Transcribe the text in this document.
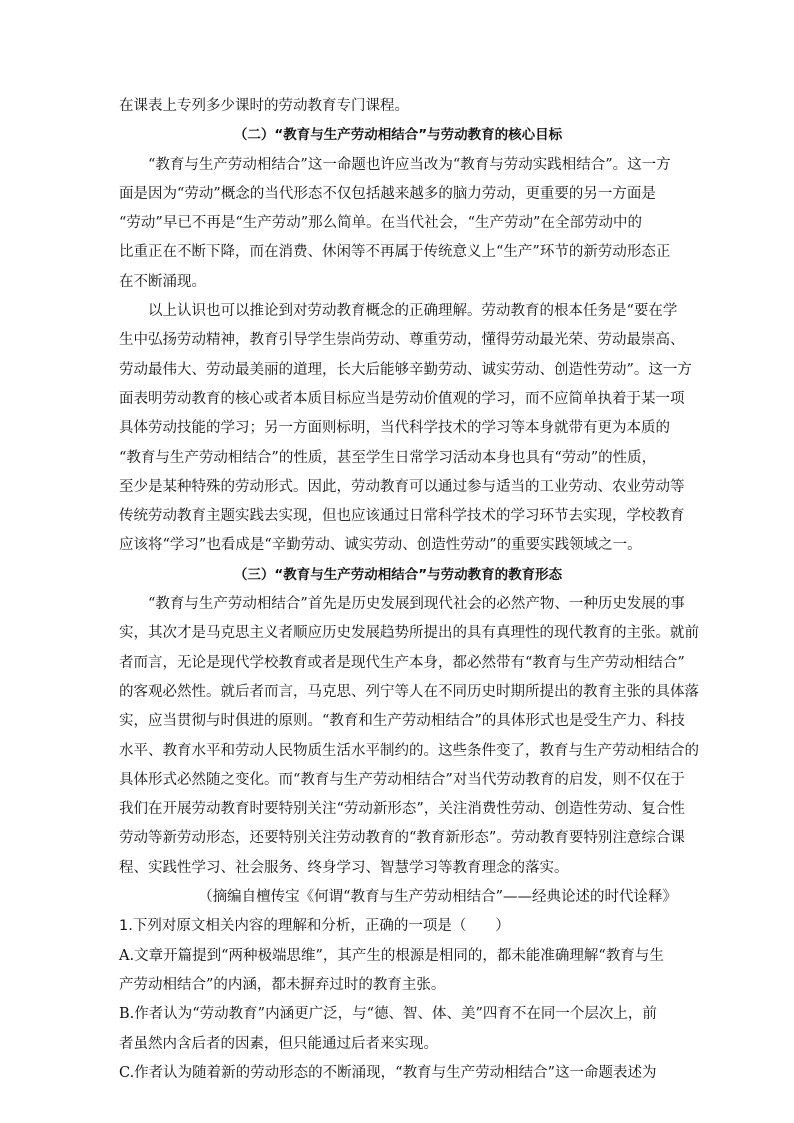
在课表上专列多少课时的劳动教育专门课程。
（二）“教育与生产劳动相结合”与劳动教育的核心目标
“教育与生产劳动相结合”这一命题也许应当改为“教育与劳动实践相结合”。这一方
面是因为“劳动”概念的当代形态不仅包括越来越多的脑力劳动，更重要的另一方面是
“劳动”早已不再是“生产劳动”那么简单。在当代社会，“生产劳动”在全部劳动中的
比重正在不断下降，而在消费、休闲等不再属于传统意义上“生产”环节的新劳动形态正
在不断涌现。
以上认识也可以推论到对劳动教育概念的正确理解。劳动教育的根本任务是“要在学
生中弘扬劳动精神，教育引导学生崇尚劳动、尊重劳动，懂得劳动最光荣、劳动最崇高、
劳动最伟大、劳动最美丽的道理，长大后能够辛勤劳动、诚实劳动、创造性劳动”。这一方
面表明劳动教育的核心或者本质目标应当是劳动价值观的学习，而不应简单执着于某一项
具体劳动技能的学习；另一方面则标明，当代科学技术的学习等本身就带有更为本质的
“教育与生产劳动相结合”的性质，甚至学生日常学习活动本身也具有“劳动”的性质，
至少是某种特殊的劳动形式。因此，劳动教育可以通过参与适当的工业劳动、农业劳动等
传统劳动教育主题实践去实现，但也应该通过日常科学技术的学习环节去实现，学校教育
应该将“学习”也看成是“辛勤劳动、诚实劳动、创造性劳动”的重要实践领域之一。
（三）“教育与生产劳动相结合”与劳动教育的教育形态
“教育与生产劳动相结合”首先是历史发展到现代社会的必然产物、一种历史发展的事
实，其次才是马克思主义者顺应历史发展趋势所提出的具有真理性的现代教育的主张。就前
者而言，无论是现代学校教育或者是现代生产本身，都必然带有“教育与生产劳动相结合”
的客观必然性。就后者而言，马克思、列宁等人在不同历史时期所提出的教育主张的具体落
实，应当贯彻与时俱进的原则。“教育和生产劳动相结合”的具体形式也是受生产力、科技
水平、教育水平和劳动人民物质生活水平制约的。这些条件变了，教育与生产劳动相结合的
具体形式必然随之变化。而“教育与生产劳动相结合”对当代劳动教育的启发，则不仅在于
我们在开展劳动教育时要特别关注“劳动新形态”，关注消费性劳动、创造性劳动、复合性
劳动等新劳动形态，还要特别关注劳动教育的“教育新形态”。劳动教育要特别注意综合课
程、实践性学习、社会服务、终身学习、智慧学习等教育理念的落实。
（摘编自檀传宝《何谓“教育与生产劳动相结合”——经典论述的时代诠释》
1.下列对原文相关内容的理解和分析，正确的一项是（　　）
A.文章开篇提到“两种极端思维”，其产生的根源是相同的，都未能准确理解“教育与生
产劳动相结合”的内涵，都未摒弃过时的教育主张。
B.作者认为“劳动教育”内涵更广泛，与“德、智、体、美”四育不在同一个层次上，前
者虽然内含后者的因素，但只能通过后者来实现。
C.作者认为随着新的劳动形态的不断涌现，“教育与生产劳动相结合”这一命题表述为
